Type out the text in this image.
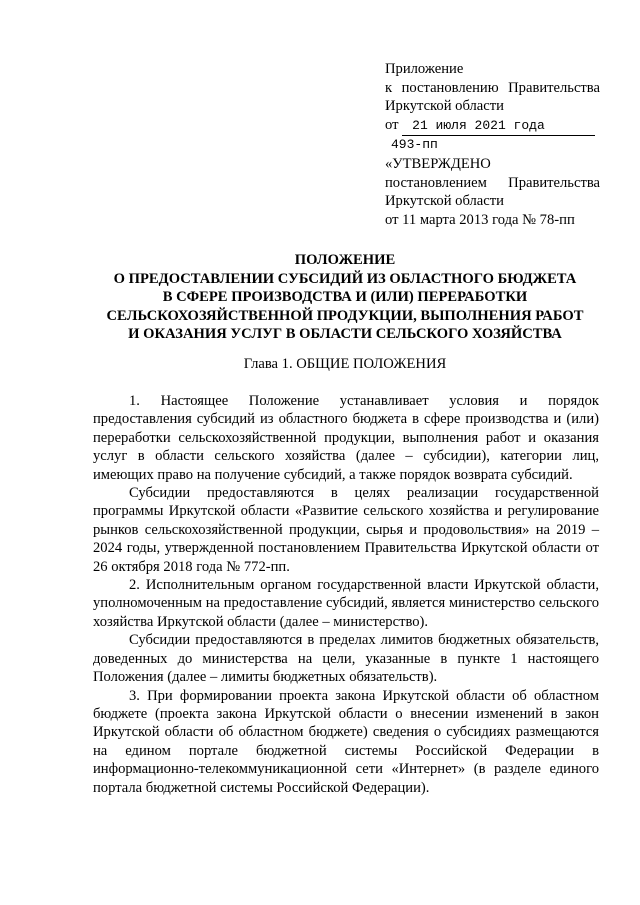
Приложение
к постановлению Правительства
Иркутской области
от 21 июля 2021 года
493-пп
«УТВЕРЖДЕНО
постановлением Правительства
Иркутской области
от 11 марта 2013 года № 78-пп
ПОЛОЖЕНИЕ
О ПРЕДОСТАВЛЕНИИ СУБСИДИЙ ИЗ ОБЛАСТНОГО БЮДЖЕТА
В СФЕРЕ ПРОИЗВОДСТВА И (ИЛИ) ПЕРЕРАБОТКИ
СЕЛЬСКОХОЗЯЙСТВЕННОЙ ПРОДУКЦИИ, ВЫПОЛНЕНИЯ РАБОТ
И ОКАЗАНИЯ УСЛУГ В ОБЛАСТИ СЕЛЬСКОГО ХОЗЯЙСТВА
Глава 1. ОБЩИЕ ПОЛОЖЕНИЯ

1. Настоящее Положение устанавливает условия и порядок предоставления субсидий из областного бюджета в сфере производства и (или) переработки сельскохозяйственной продукции, выполнения работ и оказания услуг в области сельского хозяйства (далее – субсидии), категории лиц, имеющих право на получение субсидий, а также порядок возврата субсидий.

Субсидии предоставляются в целях реализации государственной программы Иркутской области «Развитие сельского хозяйства и регулирование рынков сельскохозяйственной продукции, сырья и продовольствия» на 2019 – 2024 годы, утвержденной постановлением Правительства Иркутской области от 26 октября 2018 года № 772-пп.

2. Исполнительным органом государственной власти Иркутской области, уполномоченным на предоставление субсидий, является министерство сельского хозяйства Иркутской области (далее – министерство).

Субсидии предоставляются в пределах лимитов бюджетных обязательств, доведенных до министерства на цели, указанные в пункте 1 настоящего Положения (далее – лимиты бюджетных обязательств).

3. При формировании проекта закона Иркутской области об областном бюджете (проекта закона Иркутской области о внесении изменений в закон Иркутской области об областном бюджете) сведения о субсидиях размещаются на едином портале бюджетной системы Российской Федерации в информационно-телекоммуникационной сети «Интернет» (в разделе единого портала бюджетной системы Российской Федерации).
